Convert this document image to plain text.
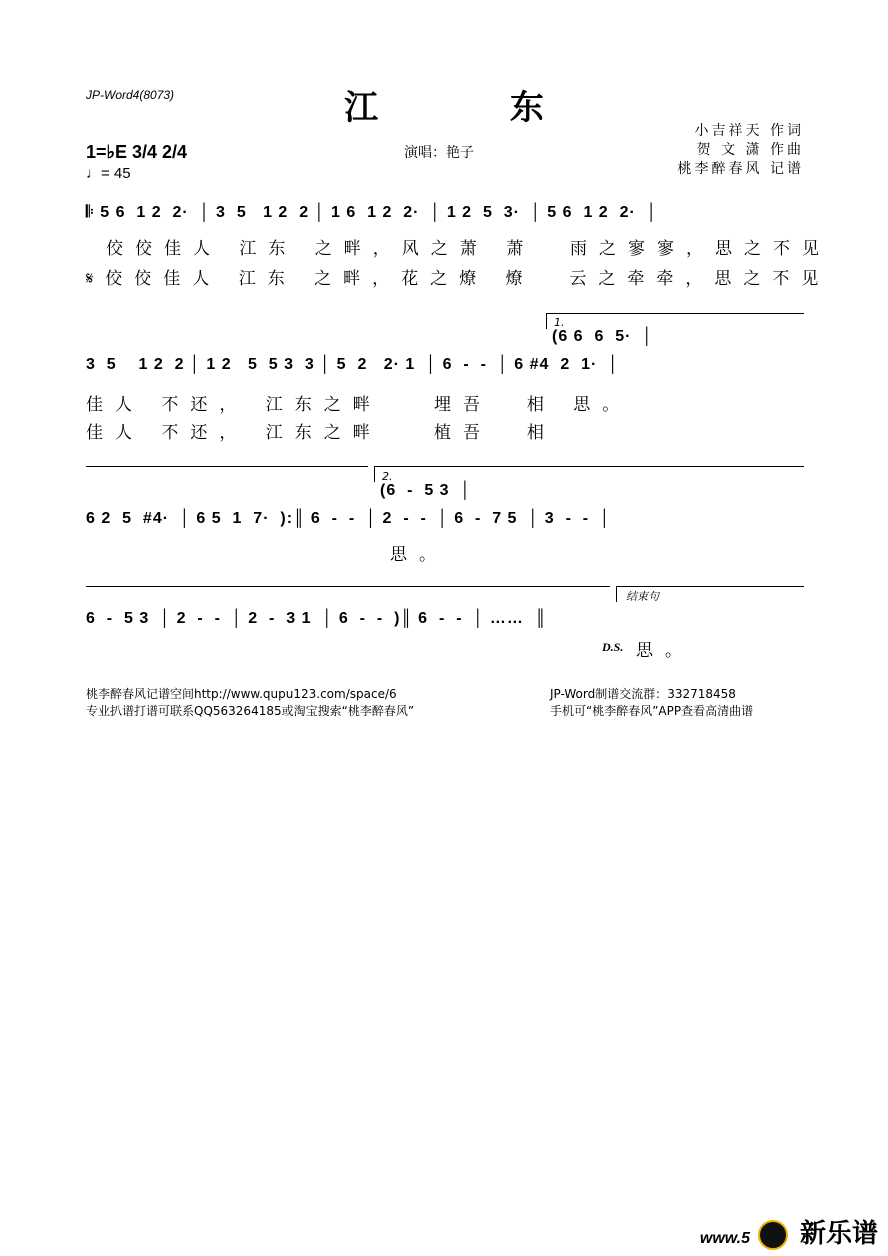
JP-Word4(8073)	江 东
小吉祥天 作词
贺 文 潇 作曲
桃李醉春风 记谱
1=♭E 3/4 2/4
♩= 45
演唱：艳子
𝄆 5 6  1 2  2·  │ 3  5   1 2  2 │ 1 6  1 2  2·  │ 1 2  5  3·  │ 5 6  1 2  2·  │
佼佼佳人 江东 之畔，风之萧 萧  雨之寥寥，思之不见
𝄋佼佼佳人 江东 之畔，花之燎 燎  云之牵牵，思之不见
1.
(6 6  6  5·  │
3  5    1 2  2 │ 1 2   5  5 3  3 │ 5  2   2· 1  │ 6  -  -  │ 6 #4  2  1·  │
佳人 不还， 江东之畔   埋吾  相 思。
佳人 不还， 江东之畔   植吾  相
2.
(6  -  5 3  │
6 2  5  #4·  │ 6 5  1  7·  ):║ 6  -  -  │ 2  -  -  │ 6  -  7 5  │ 3  -  -  │
思。
结束句
6  -  5 3  │ 2  -  -  │ 2  -  3 1  │ 6  -  -  )║ 6  -  -  │ ……  ║
D.S. 思。
桃李醉春风记谱空间http://www.qupu123.com/space/6
专业扒谱打谱可联系QQ563264185或淘宝搜索“桃李醉春风”
JP-Word制谱交流群：332718458
手机可“桃李醉春风”APP查看高清曲谱
www.5 新乐谱
